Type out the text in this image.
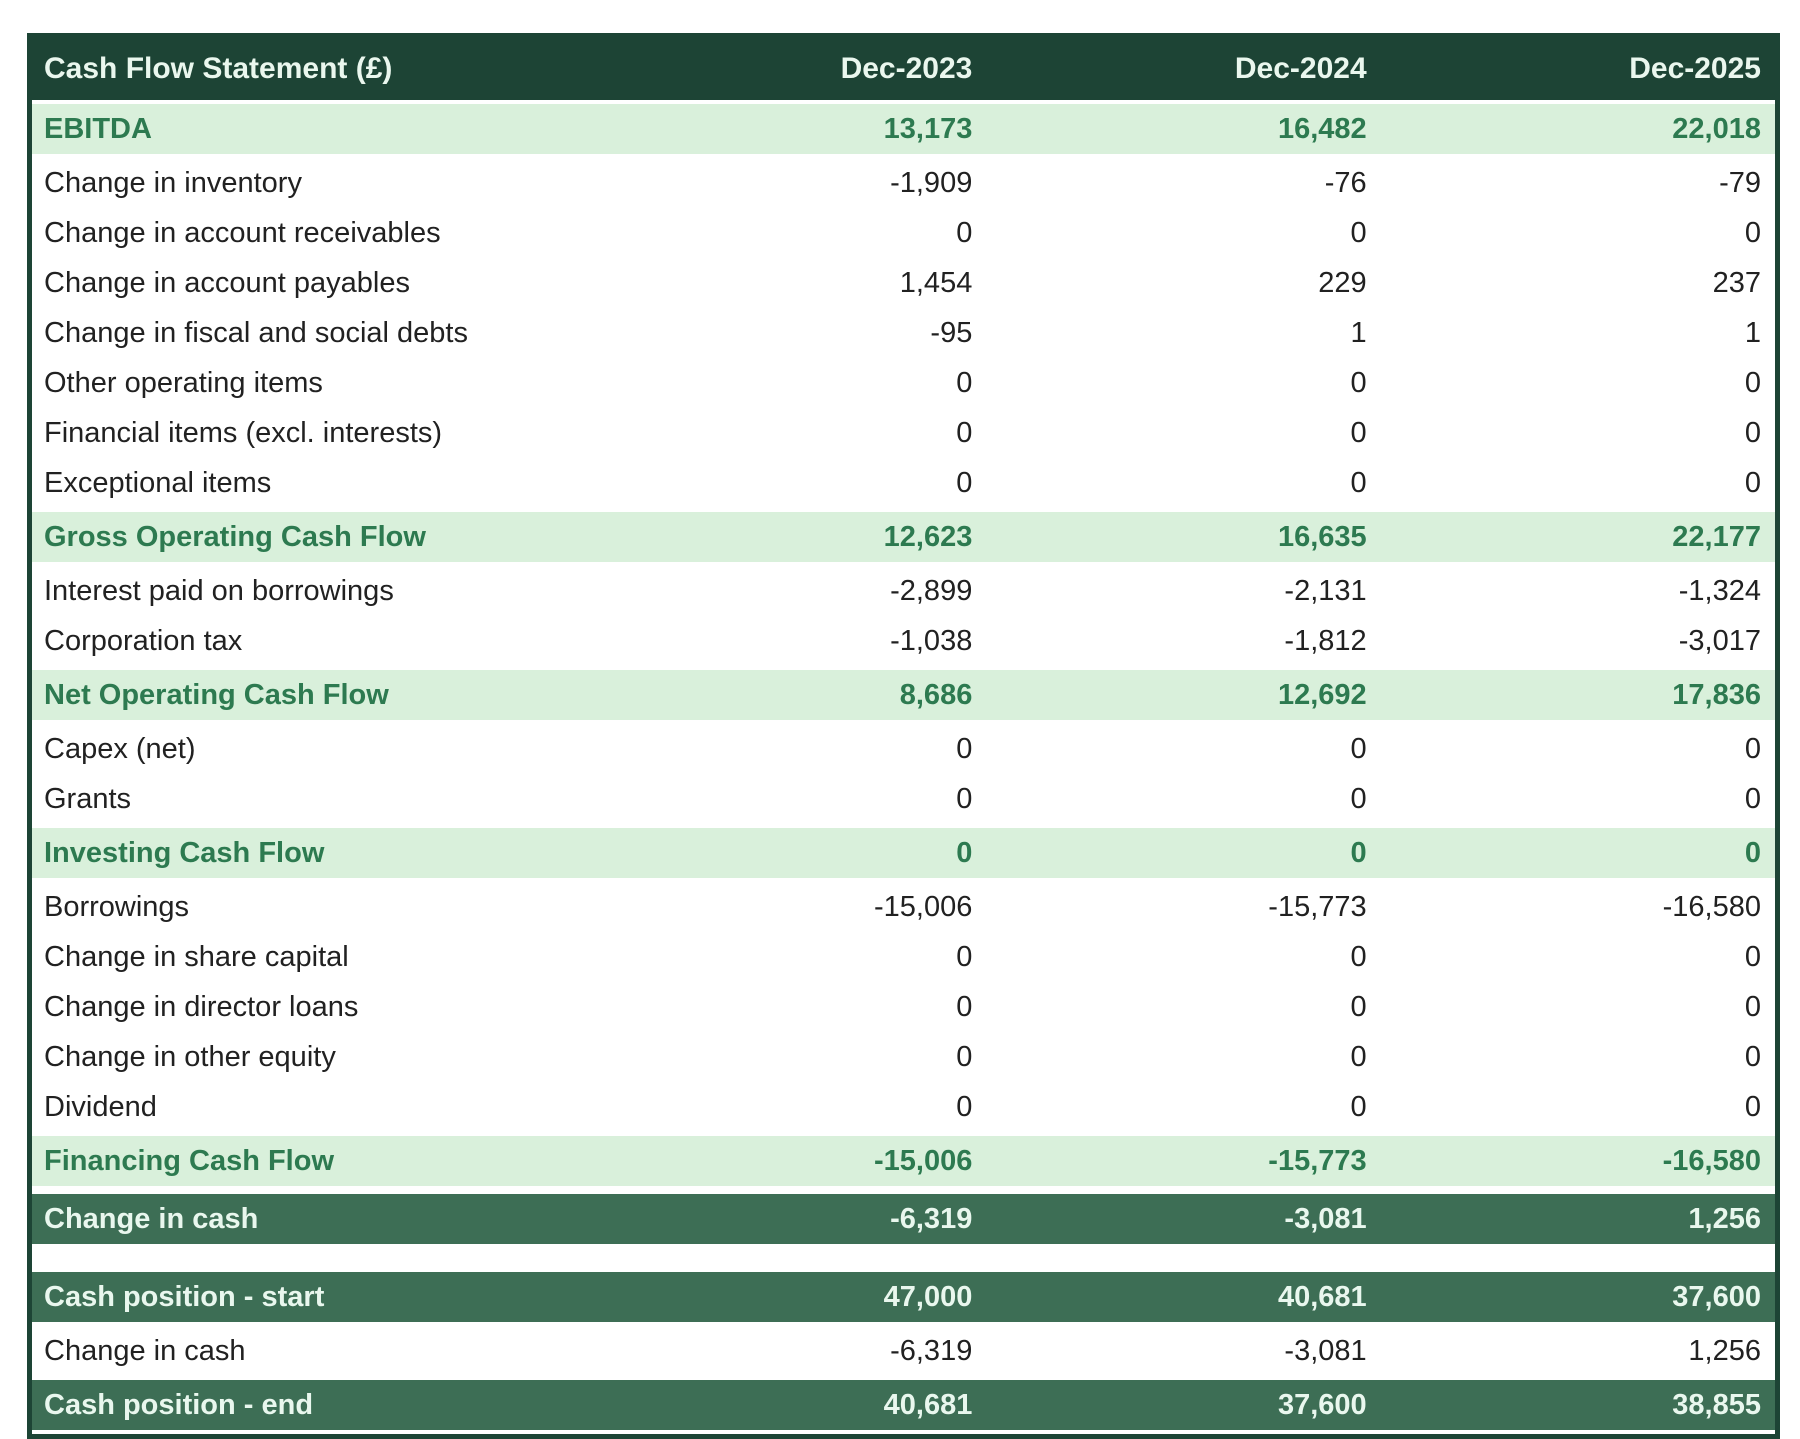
Cash Flow Statement (£)	Dec-2023	Dec-2024	Dec-2025
EBITDA	13,173	16,482	22,018
Change in inventory	-1,909	-76	-79
Change in account receivables	0	0	0
Change in account payables	1,454	229	237
Change in fiscal and social debts	-95	1	1
Other operating items	0	0	0
Financial items (excl. interests)	0	0	0
Exceptional items	0	0	0
Gross Operating Cash Flow	12,623	16,635	22,177
Interest paid on borrowings	-2,899	-2,131	-1,324
Corporation tax	-1,038	-1,812	-3,017
Net Operating Cash Flow	8,686	12,692	17,836
Capex (net)	0	0	0
Grants	0	0	0
Investing Cash Flow	0	0	0
Borrowings	-15,006	-15,773	-16,580
Change in share capital	0	0	0
Change in director loans	0	0	0
Change in other equity	0	0	0
Dividend	0	0	0
Financing Cash Flow	-15,006	-15,773	-16,580
Change in cash	-6,319	-3,081	1,256
Cash position - start	47,000	40,681	37,600
Change in cash	-6,319	-3,081	1,256
Cash position - end	40,681	37,600	38,855
